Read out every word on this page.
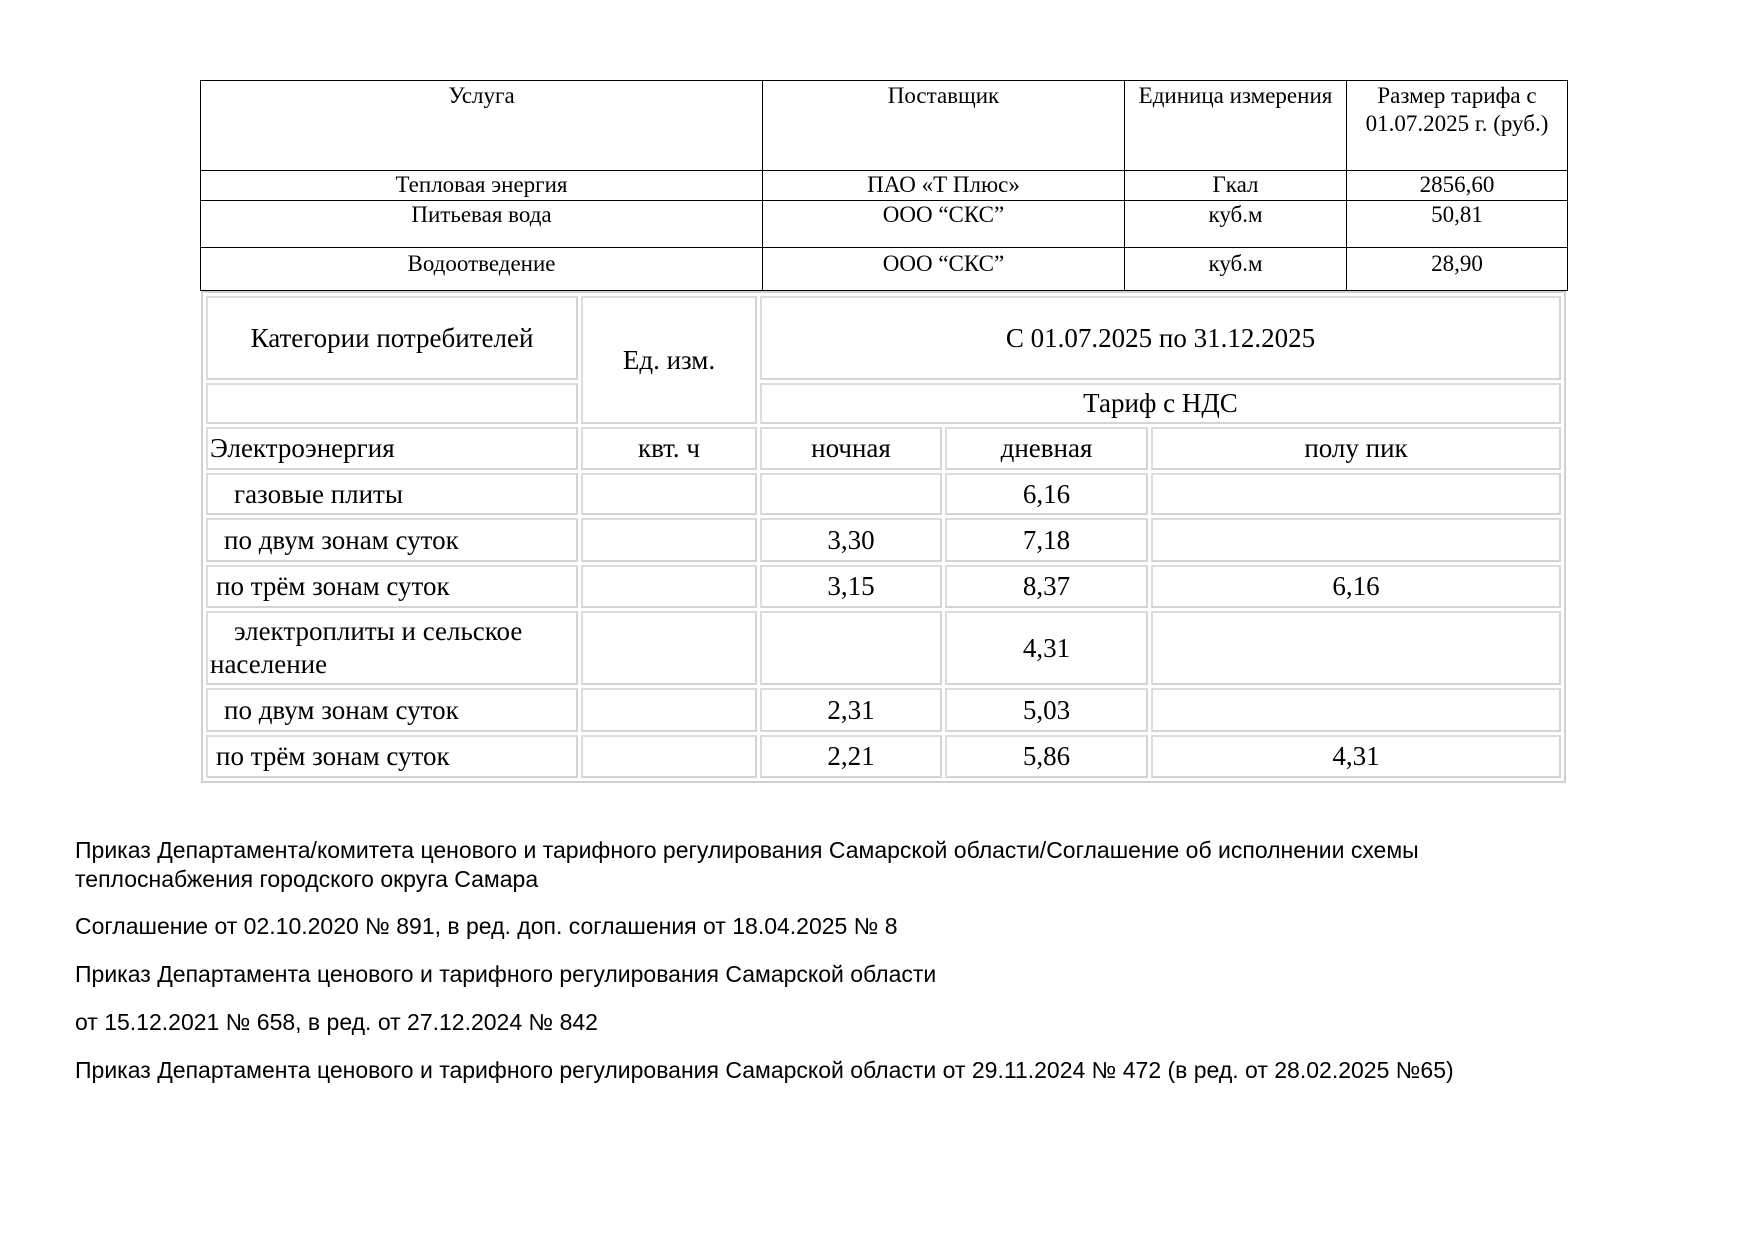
Услуга	Поставщик	Единица измерения	Размер тарифа с 01.07.2025 г. (руб.)
Тепловая энергия	ПАО «Т Плюс»	Гкал	2856,60
Питьевая вода	ООО “СКС”	куб.м	50,81
Водоотведение	ООО “СКС”	куб.м	28,90
Категории потребителей	Ед. изм.	С 01.07.2025 по 31.12.2025		
		Тариф с НДС		
Электроэнергия	квт. ч	ночная	дневная	полу пик
газовые плиты			6,16	
по двум зонам суток		3,30	7,18	
по трём зонам суток		3,15	8,37	6,16
электроплиты и сельское население			4,31	
по двум зонам суток		2,31	5,03	
по трём зонам суток		2,21	5,86	4,31

Приказ Департамента/комитета ценового и тарифного регулирования Самарской области/Соглашение об исполнении схемы

теплоснабжения городского округа Самара

Соглашение от 02.10.2020 № 891, в ред. доп. соглашения от 18.04.2025 № 8

Приказ Департамента ценового и тарифного регулирования Самарской области

от 15.12.2021 № 658, в ред. от 27.12.2024 № 842

Приказ Департамента ценового и тарифного регулирования Самарской области от 29.11.2024 № 472 (в ред. от 28.02.2025 №65)
